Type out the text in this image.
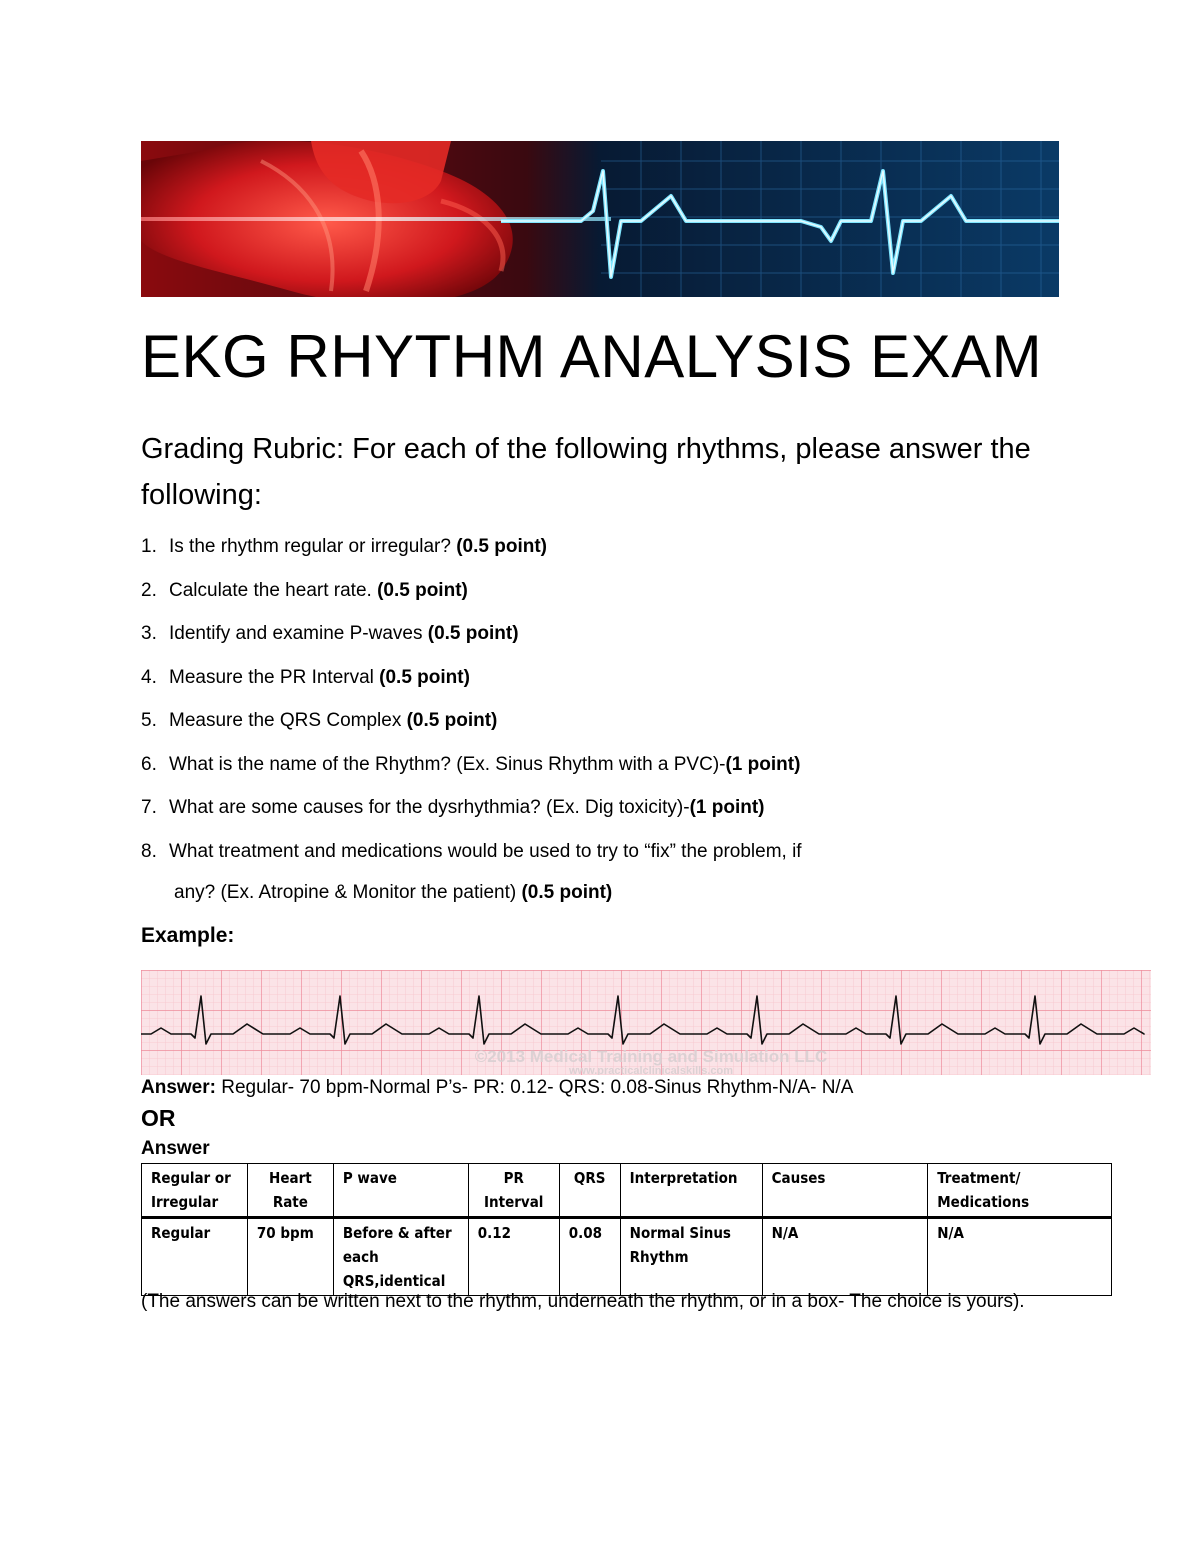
EKG RHYTHM ANALYSIS EXAM

Grading Rubric: For each of the following rhythms, please answer the following:

1. Is the rhythm regular or irregular? (0.5 point)
2. Calculate the heart rate. (0.5 point)
3. Identify and examine P-waves (0.5 point)
4. Measure the PR Interval (0.5 point)
5. Measure the QRS Complex (0.5 point)
6. What is the name of the Rhythm? (Ex. Sinus Rhythm with a PVC)-(1 point)
7. What are some causes for the dysrhythmia? (Ex. Dig toxicity)-(1 point)
8. What treatment and medications would be used to try to “fix” the problem, if
any? (Ex. Atropine & Monitor the patient) (0.5 point)
Example:
©2013 Medical Training and Simulation LLC
www.practicalclinicalskills.com
Answer: Regular- 70 bpm-Normal P’s- PR: 0.12- QRS: 0.08-Sinus Rhythm-N/A- N/A
OR
Answer
Regular or Irregular	Heart Rate	P wave	PR Interval	QRS	Interpretation	Causes	Treatment/ Medications
Regular	70 bpm	Before & after each QRS,identical	0.12	0.08	Normal Sinus Rhythm	N/A	N/A
(The answers can be written next to the rhythm, underneath the rhythm, or in a box- The choice is yours).
